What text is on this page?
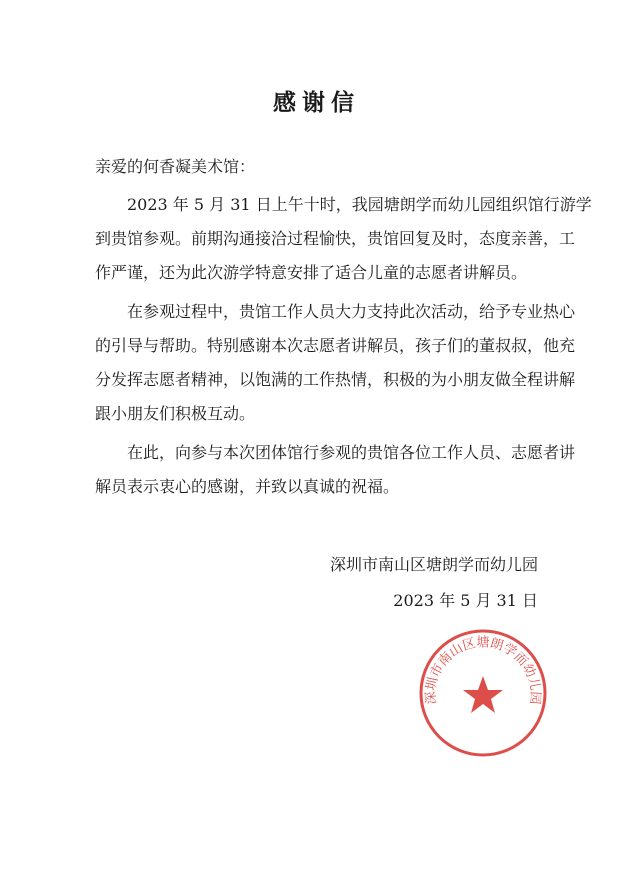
感谢信
亲爱的何香凝美术馆：
2023 年 5 月 31 日上午十时，我园塘朗学而幼儿园组织馆行游学
到贵馆参观。前期沟通接洽过程愉快，贵馆回复及时，态度亲善，工
作严谨，还为此次游学特意安排了适合儿童的志愿者讲解员。
在参观过程中，贵馆工作人员大力支持此次活动，给予专业热心
的引导与帮助。特别感谢本次志愿者讲解员，孩子们的董叔叔，他充
分发挥志愿者精神，以饱满的工作热情，积极的为小朋友做全程讲解
跟小朋友们积极互动。
在此，向参与本次团体馆行参观的贵馆各位工作人员、志愿者讲
解员表示衷心的感谢，并致以真诚的祝福。
深圳市南山区塘朗学而幼儿园
2023 年 5 月 31 日
深圳市南山区塘朗学而幼儿园
